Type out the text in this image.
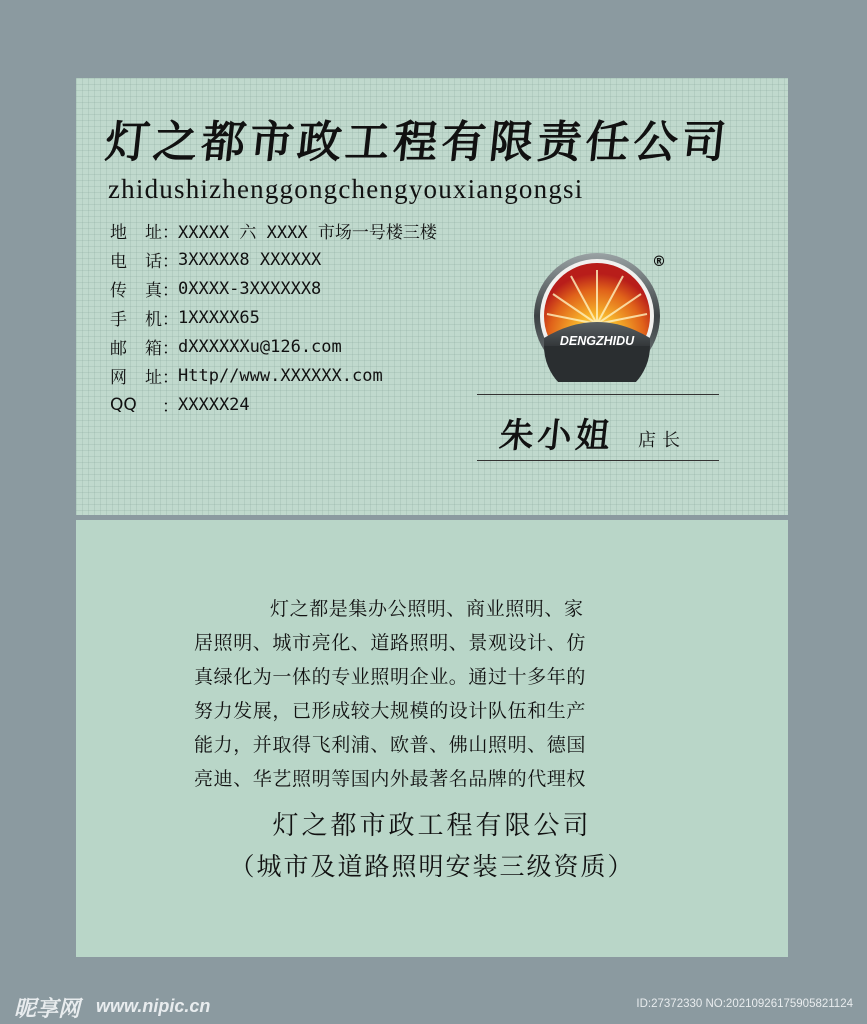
灯之都市政工程有限责任公司
zhidushizhenggongchengyouxiangongsi
地址 ： XXXXX 六 XXXX 市场一号楼三楼
电话 ： 3XXXXX8 XXXXXX
传真 ： 0XXXX-3XXXXXX8
手机 ： 1XXXXX65
邮箱 ： dXXXXXXu@126.com
网址 ： Http//www.XXXXXX.com
QQ	： XXXXX24
DENGZHIDU
®
朱小姐 店长
灯之都是集办公照明、商业照明、家
居照明、城市亮化、道路照明、景观设计、仿
真绿化为一体的专业照明企业。通过十多年的
努力发展，已形成较大规模的设计队伍和生产
能力，并取得飞利浦、欧普、佛山照明、德国
亮迪、华艺照明等国内外最著名品牌的代理权
灯之都市政工程有限公司
（城市及道路照明安装三级资质）
昵享网 www.nipic.cn	ID:27372330 NO:20210926175905821124
